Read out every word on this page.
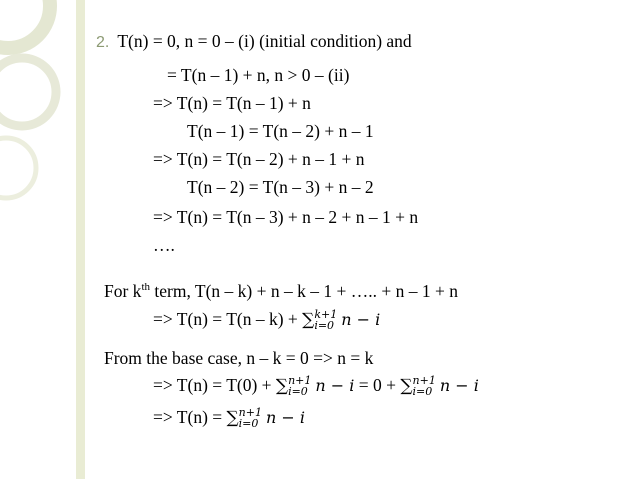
2. T(n) = 0, n = 0 – (i) (initial condition) and
= T(n – 1) + n, n > 0 – (ii)
=> T(n) = T(n – 1) + n
T(n – 1) = T(n – 2) + n – 1
=> T(n) = T(n – 2) + n – 1 + n
T(n – 2) = T(n – 3) + n – 2
=> T(n) = T(n – 3) + n – 2 + n – 1 + n
….
For $k^{th}$ term, T(n – k) + n – k – 1 + ….. + n – 1 + n
=> T(n) = T(n – k) + ∑ k+1
i=0 n − i
From the base case, n – k = 0 => n = k
=> T(n) = T(0) + ∑ n+1
i=0 n − i = 0 + ∑ n+1
i=0 n − i
=> T(n) = ∑ n+1
i=0 n − i
